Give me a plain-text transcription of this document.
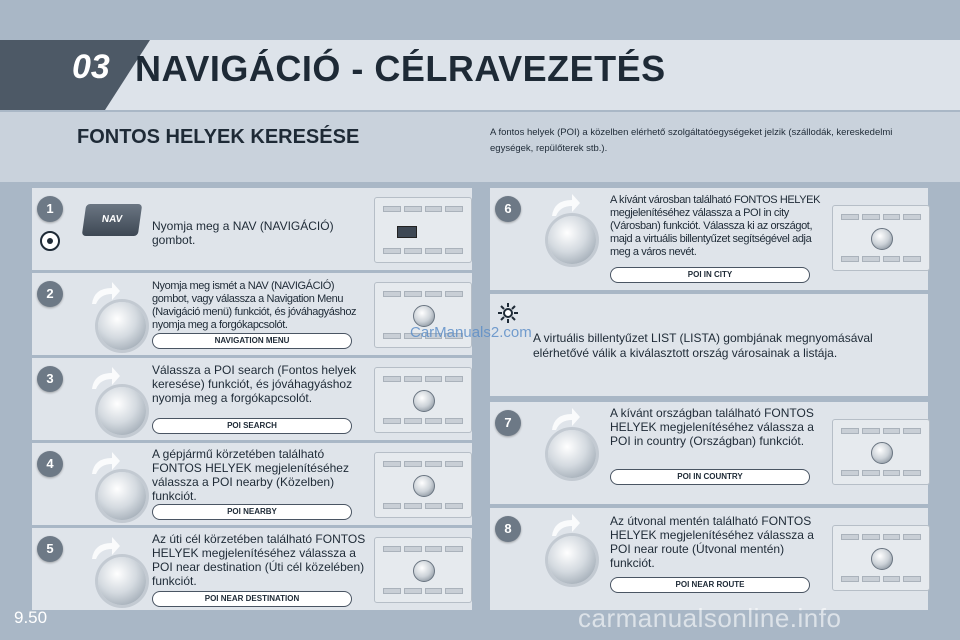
03 NAVIGÁCIÓ - CÉLRAVEZETÉS
FONTOS HELYEK KERESÉSE	A fontos helyek (POI) a közelben elérhető szolgáltatóegységeket jelzik (szállodák, kereskedelmi egységek, repülőterek stb.).
1
NAV	Nyomja meg a NAV (NAVIGÁCIÓ) gombot.
2	Nyomja meg ismét a NAV (NAVIGÁCIÓ) gombot, vagy válassza a Navigation Menu (Navigáció menü) funkciót, és jóváhagyáshoz nyomja meg a forgókapcsolót.
NAVIGATION MENU
3
Válassza a POI search (Fontos helyek keresése) funkciót, és jóváhagyáshoz nyomja meg a forgókapcsolót.
POI SEARCH
4
A gépjármű körzetében található FONTOS HELYEK megjelenítéséhez válassza a POI nearby (Közelben) funkciót.
POI NEARBY
5
Az úti cél körzetében található FONTOS HELYEK megjelenítéséhez válassza a POI near destination (Úti cél közelében) funkciót.
POI NEAR DESTINATION
6
A kívánt városban található FONTOS HELYEK megjelenítéséhez válassza a POI in city (Városban) funkciót. Válassza ki az országot, majd a virtuális billentyűzet segítségével adja meg a város nevét.
POI IN CITY
A virtuális billentyűzet LIST (LISTA) gombjának megnyomásával elérhetővé válik a kiválasztott ország városainak a listája.
7
A kívánt országban található FONTOS HELYEK megjelenítéséhez válassza a POI in country (Országban) funkciót.
POI IN COUNTRY
8	Az útvonal mentén található FONTOS HELYEK megjelenítéséhez válassza a POI near route (Útvonal mentén) funkciót.
POI NEAR ROUTE
9.50
CarManuals2.com
carmanualsonline.info
